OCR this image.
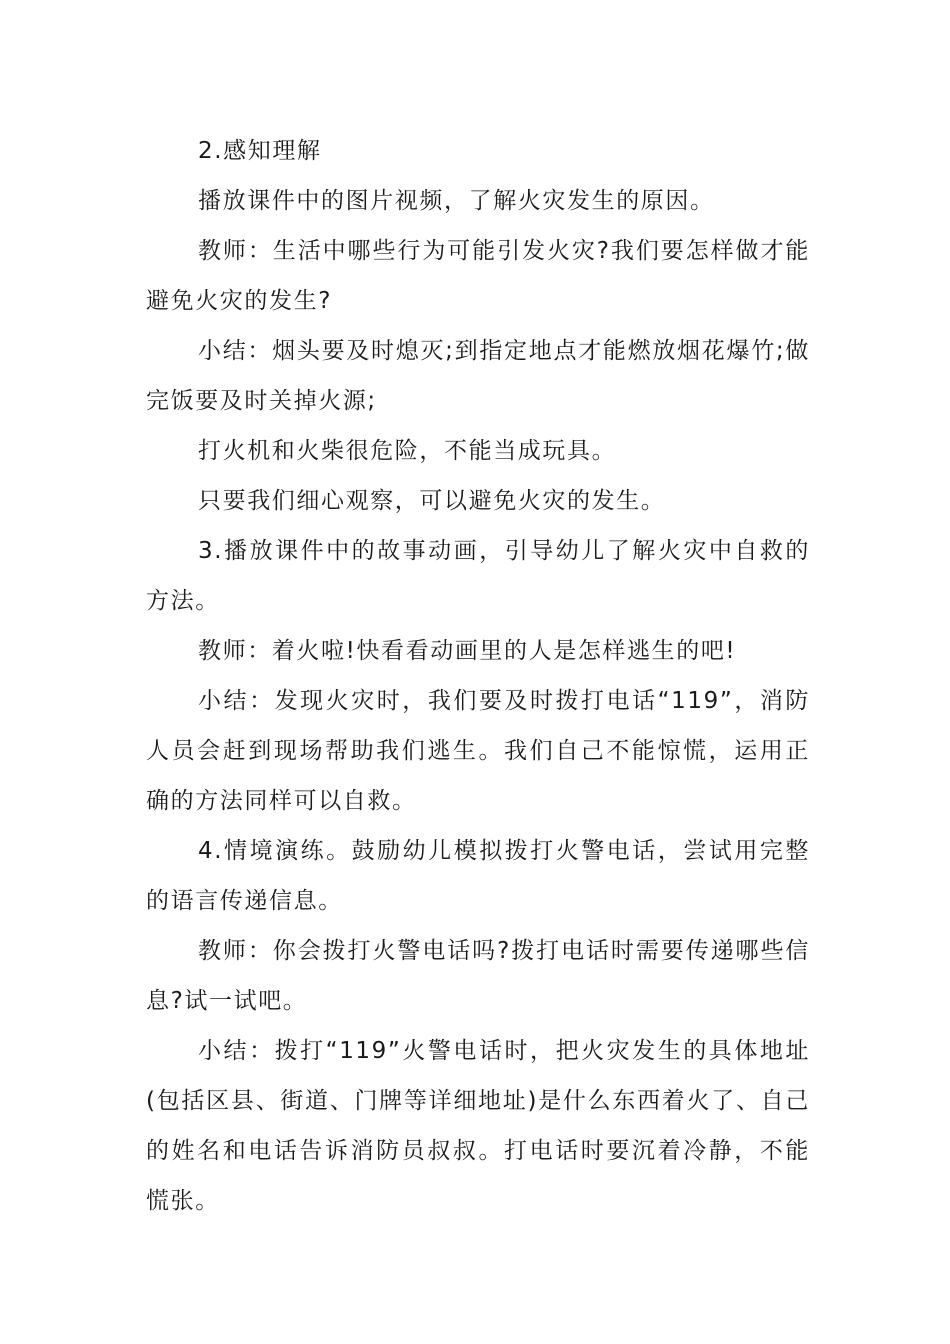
2.感知理解

播放课件中的图片视频，了解火灾发生的原因。

教师：生活中哪些行为可能引发火灾?我们要怎样做才能避免火灾的发生?

小结：烟头要及时熄灭;到指定地点才能燃放烟花爆竹;做完饭要及时关掉火源;

打火机和火柴很危险，不能当成玩具。

只要我们细心观察，可以避免火灾的发生。

3.播放课件中的故事动画，引导幼儿了解火灾中自救的方法。

教师：着火啦!快看看动画里的人是怎样逃生的吧!

小结：发现火灾时，我们要及时拨打电话“119”，消防人员会赶到现场帮助我们逃生。我们自己不能惊慌，运用正确的方法同样可以自救。

4.情境演练。鼓励幼儿模拟拨打火警电话，尝试用完整的语言传递信息。

教师：你会拨打火警电话吗?拨打电话时需要传递哪些信息?试一试吧。

小结：拨打“119”火警电话时，把火灾发生的具体地址(包括区县、街道、门牌等详细地址)是什么东西着火了、自己的姓名和电话告诉消防员叔叔。打电话时要沉着冷静，不能慌张。
